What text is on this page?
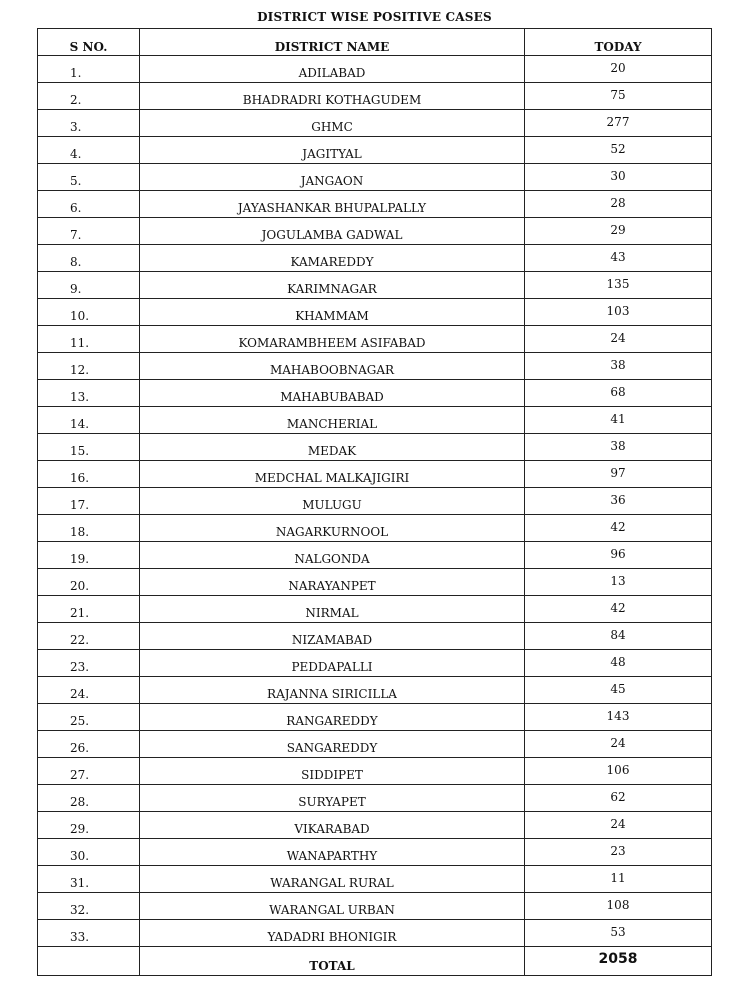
DISTRICT WISE POSITIVE CASES
S NO.	DISTRICT NAME	TODAY
1.	ADILABAD	20
2.	BHADRADRI KOTHAGUDEM	75
3.	GHMC	277
4.	JAGITYAL	52
5.	JANGAON	30
6.	JAYASHANKAR BHUPALPALLY	28
7.	JOGULAMBA GADWAL	29
8.	KAMAREDDY	43
9.	KARIMNAGAR	135
10.	KHAMMAM	103
11.	KOMARAMBHEEM ASIFABAD	24
12.	MAHABOOBNAGAR	38
13.	MAHABUBABAD	68
14.	MANCHERIAL	41
15.	MEDAK	38
16.	MEDCHAL MALKAJIGIRI	97
17.	MULUGU	36
18.	NAGARKURNOOL	42
19.	NALGONDA	96
20.	NARAYANPET	13
21.	NIRMAL	42
22.	NIZAMABAD	84
23.	PEDDAPALLI	48
24.	RAJANNA SIRICILLA	45
25.	RANGAREDDY	143
26.	SANGAREDDY	24
27.	SIDDIPET	106
28.	SURYAPET	62
29.	VIKARABAD	24
30.	WANAPARTHY	23
31.	WARANGAL RURAL	11
32.	WARANGAL URBAN	108
33.	YADADRI BHONIGIR	53
	TOTAL	2058
